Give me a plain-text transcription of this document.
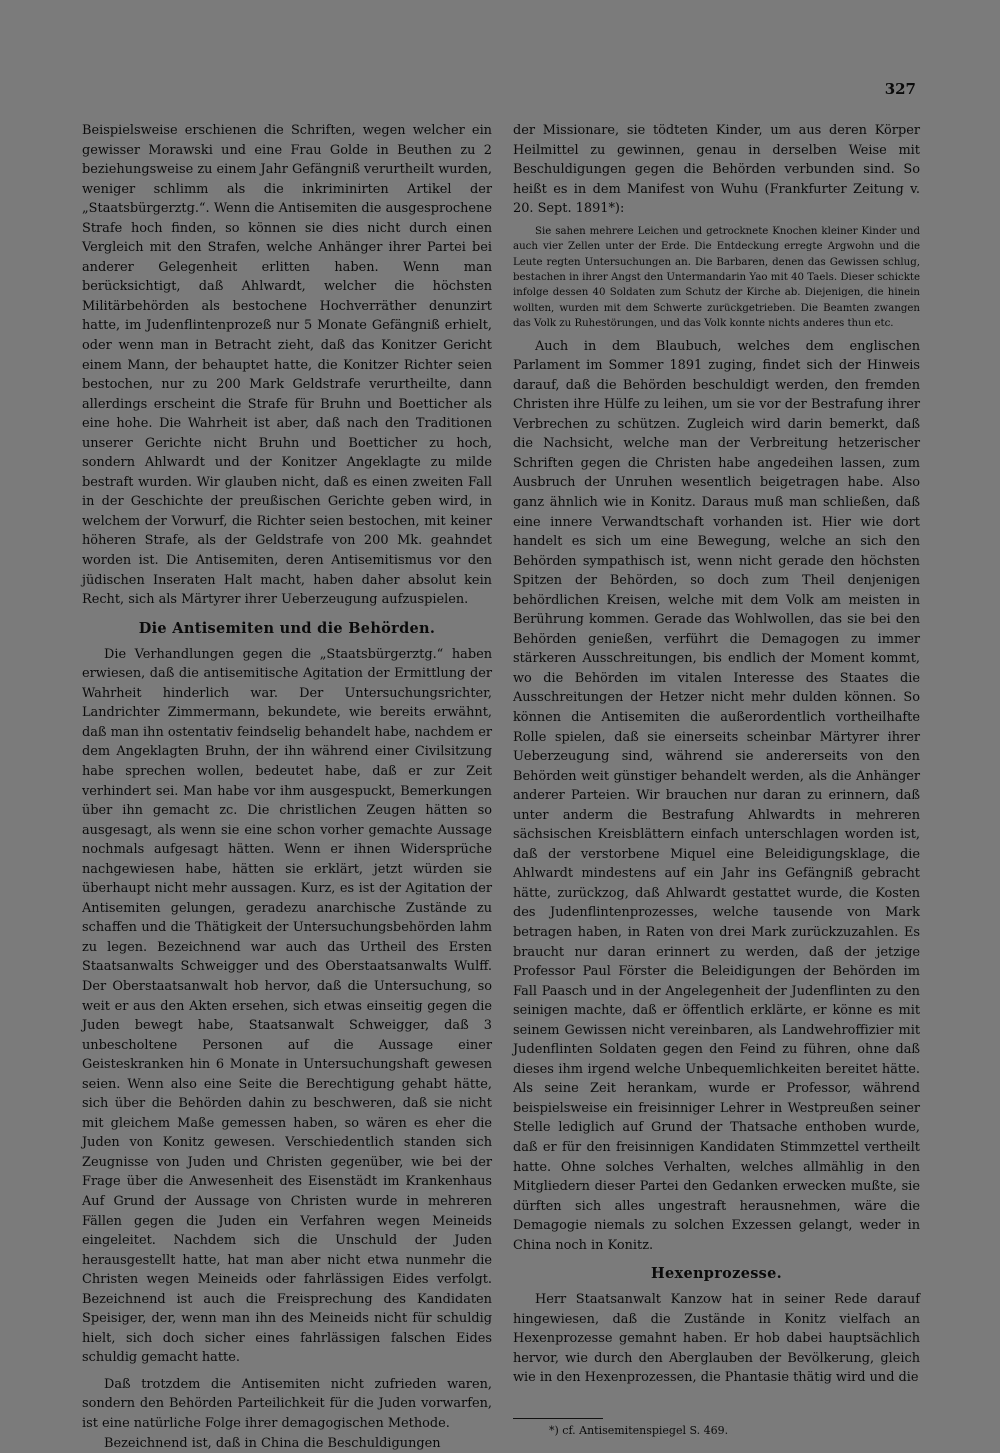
327

Beispielsweise erschienen die Schriften, wegen welcher ein gewisser Morawski und eine Frau Golde in Beuthen zu 2 beziehungsweise zu einem Jahr Gefängniß verurtheilt wurden, weniger schlimm als die inkriminirten Artikel der „Staatsbürgerztg.“. Wenn die Antisemiten die ausgesprochene Strafe hoch finden, so können sie dies nicht durch einen Vergleich mit den Strafen, welche Anhänger ihrer Partei bei anderer Gelegenheit erlitten haben. Wenn man berücksichtigt, daß Ahlwardt, welcher die höchsten Militärbehörden als bestochene Hochverräther denunzirt hatte, im Judenflintenprozeß nur 5 Monate Gefängniß erhielt, oder wenn man in Betracht zieht, daß das Konitzer Gericht einem Mann, der behauptet hatte, die Konitzer Richter seien bestochen, nur zu 200 Mark Geldstrafe verurtheilte, dann allerdings erscheint die Strafe für Bruhn und Boetticher als eine hohe. Die Wahrheit ist aber, daß nach den Traditionen unserer Gerichte nicht Bruhn und Boetticher zu hoch, sondern Ahlwardt und der Konitzer Angeklagte zu milde bestraft wurden. Wir glauben nicht, daß es einen zweiten Fall in der Geschichte der preußischen Gerichte geben wird, in welchem der Vorwurf, die Richter seien bestochen, mit keiner höheren Strafe, als der Geldstrafe von 200 Mk. geahndet worden ist. Die Antisemiten, deren Antisemitismus vor den jüdischen Inseraten Halt macht, haben daher absolut kein Recht, sich als Märtyrer ihrer Ueberzeugung aufzuspielen.

Die Antisemiten und die Behörden.

Die Verhandlungen gegen die „Staatsbürgerztg.“ haben erwiesen, daß die antisemitische Agitation der Ermittlung der Wahrheit hinderlich war. Der Untersuchungsrichter, Landrichter Zimmermann, bekundete, wie bereits erwähnt, daß man ihn ostentativ feindselig behandelt habe, nachdem er dem Angeklagten Bruhn, der ihn während einer Civilsitzung habe sprechen wollen, bedeutet habe, daß er zur Zeit verhindert sei. Man habe vor ihm ausgespuckt, Bemerkungen über ihn gemacht zc. Die christlichen Zeugen hätten so ausgesagt, als wenn sie eine schon vorher gemachte Aussage nochmals aufgesagt hätten. Wenn er ihnen Widersprüche nachgewiesen habe, hätten sie erklärt, jetzt würden sie überhaupt nicht mehr aussagen. Kurz, es ist der Agitation der Antisemiten gelungen, geradezu anarchische Zustände zu schaffen und die Thätigkeit der Untersuchungsbehörden lahm zu legen. Bezeichnend war auch das Urtheil des Ersten Staatsanwalts Schweigger und des Oberstaatsanwalts Wulff. Der Oberstaatsanwalt hob hervor, daß die Untersuchung, so weit er aus den Akten ersehen, sich etwas einseitig gegen die Juden bewegt habe, Staatsanwalt Schweigger, daß 3 unbescholtene Personen auf die Aussage einer Geisteskranken hin 6 Monate in Untersuchungshaft gewesen seien. Wenn also eine Seite die Berechtigung gehabt hätte, sich über die Behörden dahin zu beschweren, daß sie nicht mit gleichem Maße gemessen haben, so wären es eher die Juden von Konitz gewesen. Verschiedentlich standen sich Zeugnisse von Juden und Christen gegenüber, wie bei der Frage über die Anwesenheit des Eisenstädt im Krankenhaus Auf Grund der Aussage von Christen wurde in mehreren Fällen gegen die Juden ein Verfahren wegen Meineids eingeleitet. Nachdem sich die Unschuld der Juden herausgestellt hatte, hat man aber nicht etwa nunmehr die Christen wegen Meineids oder fahrlässigen Eides verfolgt. Bezeichnend ist auch die Freisprechung des Kandidaten Speisiger, der, wenn man ihn des Meineids nicht für schuldig hielt, sich doch sicher eines fahrlässigen falschen Eides schuldig gemacht hatte.

Daß trotzdem die Antisemiten nicht zufrieden waren, sondern den Behörden Parteilichkeit für die Juden vorwarfen, ist eine natürliche Folge ihrer demagogischen Methode.

Bezeichnend ist, daß in China die Beschuldigungen

der Missionare, sie tödteten Kinder, um aus deren Körper Heilmittel zu gewinnen, genau in derselben Weise mit Beschuldigungen gegen die Behörden verbunden sind. So heißt es in dem Manifest von Wuhu (Frankfurter Zeitung v. 20. Sept. 1891*):

Sie sahen mehrere Leichen und getrocknete Knochen kleiner Kinder und auch vier Zellen unter der Erde. Die Entdeckung erregte Argwohn und die Leute regten Untersuchungen an. Die Barbaren, denen das Gewissen schlug, bestachen in ihrer Angst den Untermandarin Yao mit 40 Taels. Dieser schickte infolge dessen 40 Soldaten zum Schutz der Kirche ab. Diejenigen, die hinein wollten, wurden mit dem Schwerte zurückgetrieben. Die Beamten zwangen das Volk zu Ruhestörungen, und das Volk konnte nichts anderes thun etc.

Auch in dem Blaubuch, welches dem englischen Parlament im Sommer 1891 zuging, findet sich der Hinweis darauf, daß die Behörden beschuldigt werden, den fremden Christen ihre Hülfe zu leihen, um sie vor der Bestrafung ihrer Verbrechen zu schützen. Zugleich wird darin bemerkt, daß die Nachsicht, welche man der Verbreitung hetzerischer Schriften gegen die Christen habe angedeihen lassen, zum Ausbruch der Unruhen wesentlich beigetragen habe. Also ganz ähnlich wie in Konitz. Daraus muß man schließen, daß eine innere Verwandtschaft vorhanden ist. Hier wie dort handelt es sich um eine Bewegung, welche an sich den Behörden sympathisch ist, wenn nicht gerade den höchsten Spitzen der Behörden, so doch zum Theil denjenigen behördlichen Kreisen, welche mit dem Volk am meisten in Berührung kommen. Gerade das Wohlwollen, das sie bei den Behörden genießen, verführt die Demagogen zu immer stärkeren Ausschreitungen, bis endlich der Moment kommt, wo die Behörden im vitalen Interesse des Staates die Ausschreitungen der Hetzer nicht mehr dulden können. So können die Antisemiten die außerordentlich vortheilhafte Rolle spielen, daß sie einerseits scheinbar Märtyrer ihrer Ueberzeugung sind, während sie andererseits von den Behörden weit günstiger behandelt werden, als die Anhänger anderer Parteien. Wir brauchen nur daran zu erinnern, daß unter anderm die Bestrafung Ahlwardts in mehreren sächsischen Kreisblättern einfach unterschlagen worden ist, daß der verstorbene Miquel eine Beleidigungsklage, die Ahlwardt mindestens auf ein Jahr ins Gefängniß gebracht hätte, zurückzog, daß Ahlwardt gestattet wurde, die Kosten des Judenflintenprozesses, welche tausende von Mark betragen haben, in Raten von drei Mark zurückzuzahlen. Es braucht nur daran erinnert zu werden, daß der jetzige Professor Paul Förster die Beleidigungen der Behörden im Fall Paasch und in der Angelegenheit der Judenflinten zu den seinigen machte, daß er öffentlich erklärte, er könne es mit seinem Gewissen nicht vereinbaren, als Landwehroffizier mit Judenflinten Soldaten gegen den Feind zu führen, ohne daß dieses ihm irgend welche Unbequemlichkeiten bereitet hätte. Als seine Zeit herankam, wurde er Professor, während beispielsweise ein freisinniger Lehrer in Westpreußen seiner Stelle lediglich auf Grund der Thatsache enthoben wurde, daß er für den freisinnigen Kandidaten Stimmzettel vertheilt hatte. Ohne solches Verhalten, welches allmählig in den Mitgliedern dieser Partei den Gedanken erwecken mußte, sie dürften sich alles ungestraft herausnehmen, wäre die Demagogie niemals zu solchen Exzessen gelangt, weder in China noch in Konitz.

Hexenprozesse.

Herr Staatsanwalt Kanzow hat in seiner Rede darauf hingewiesen, daß die Zustände in Konitz vielfach an Hexenprozesse gemahnt haben. Er hob dabei hauptsächlich hervor, wie durch den Aberglauben der Bevölkerung, gleich wie in den Hexenprozessen, die Phantasie thätig wird und die

*) cf. Antisemitenspiegel S. 469.
